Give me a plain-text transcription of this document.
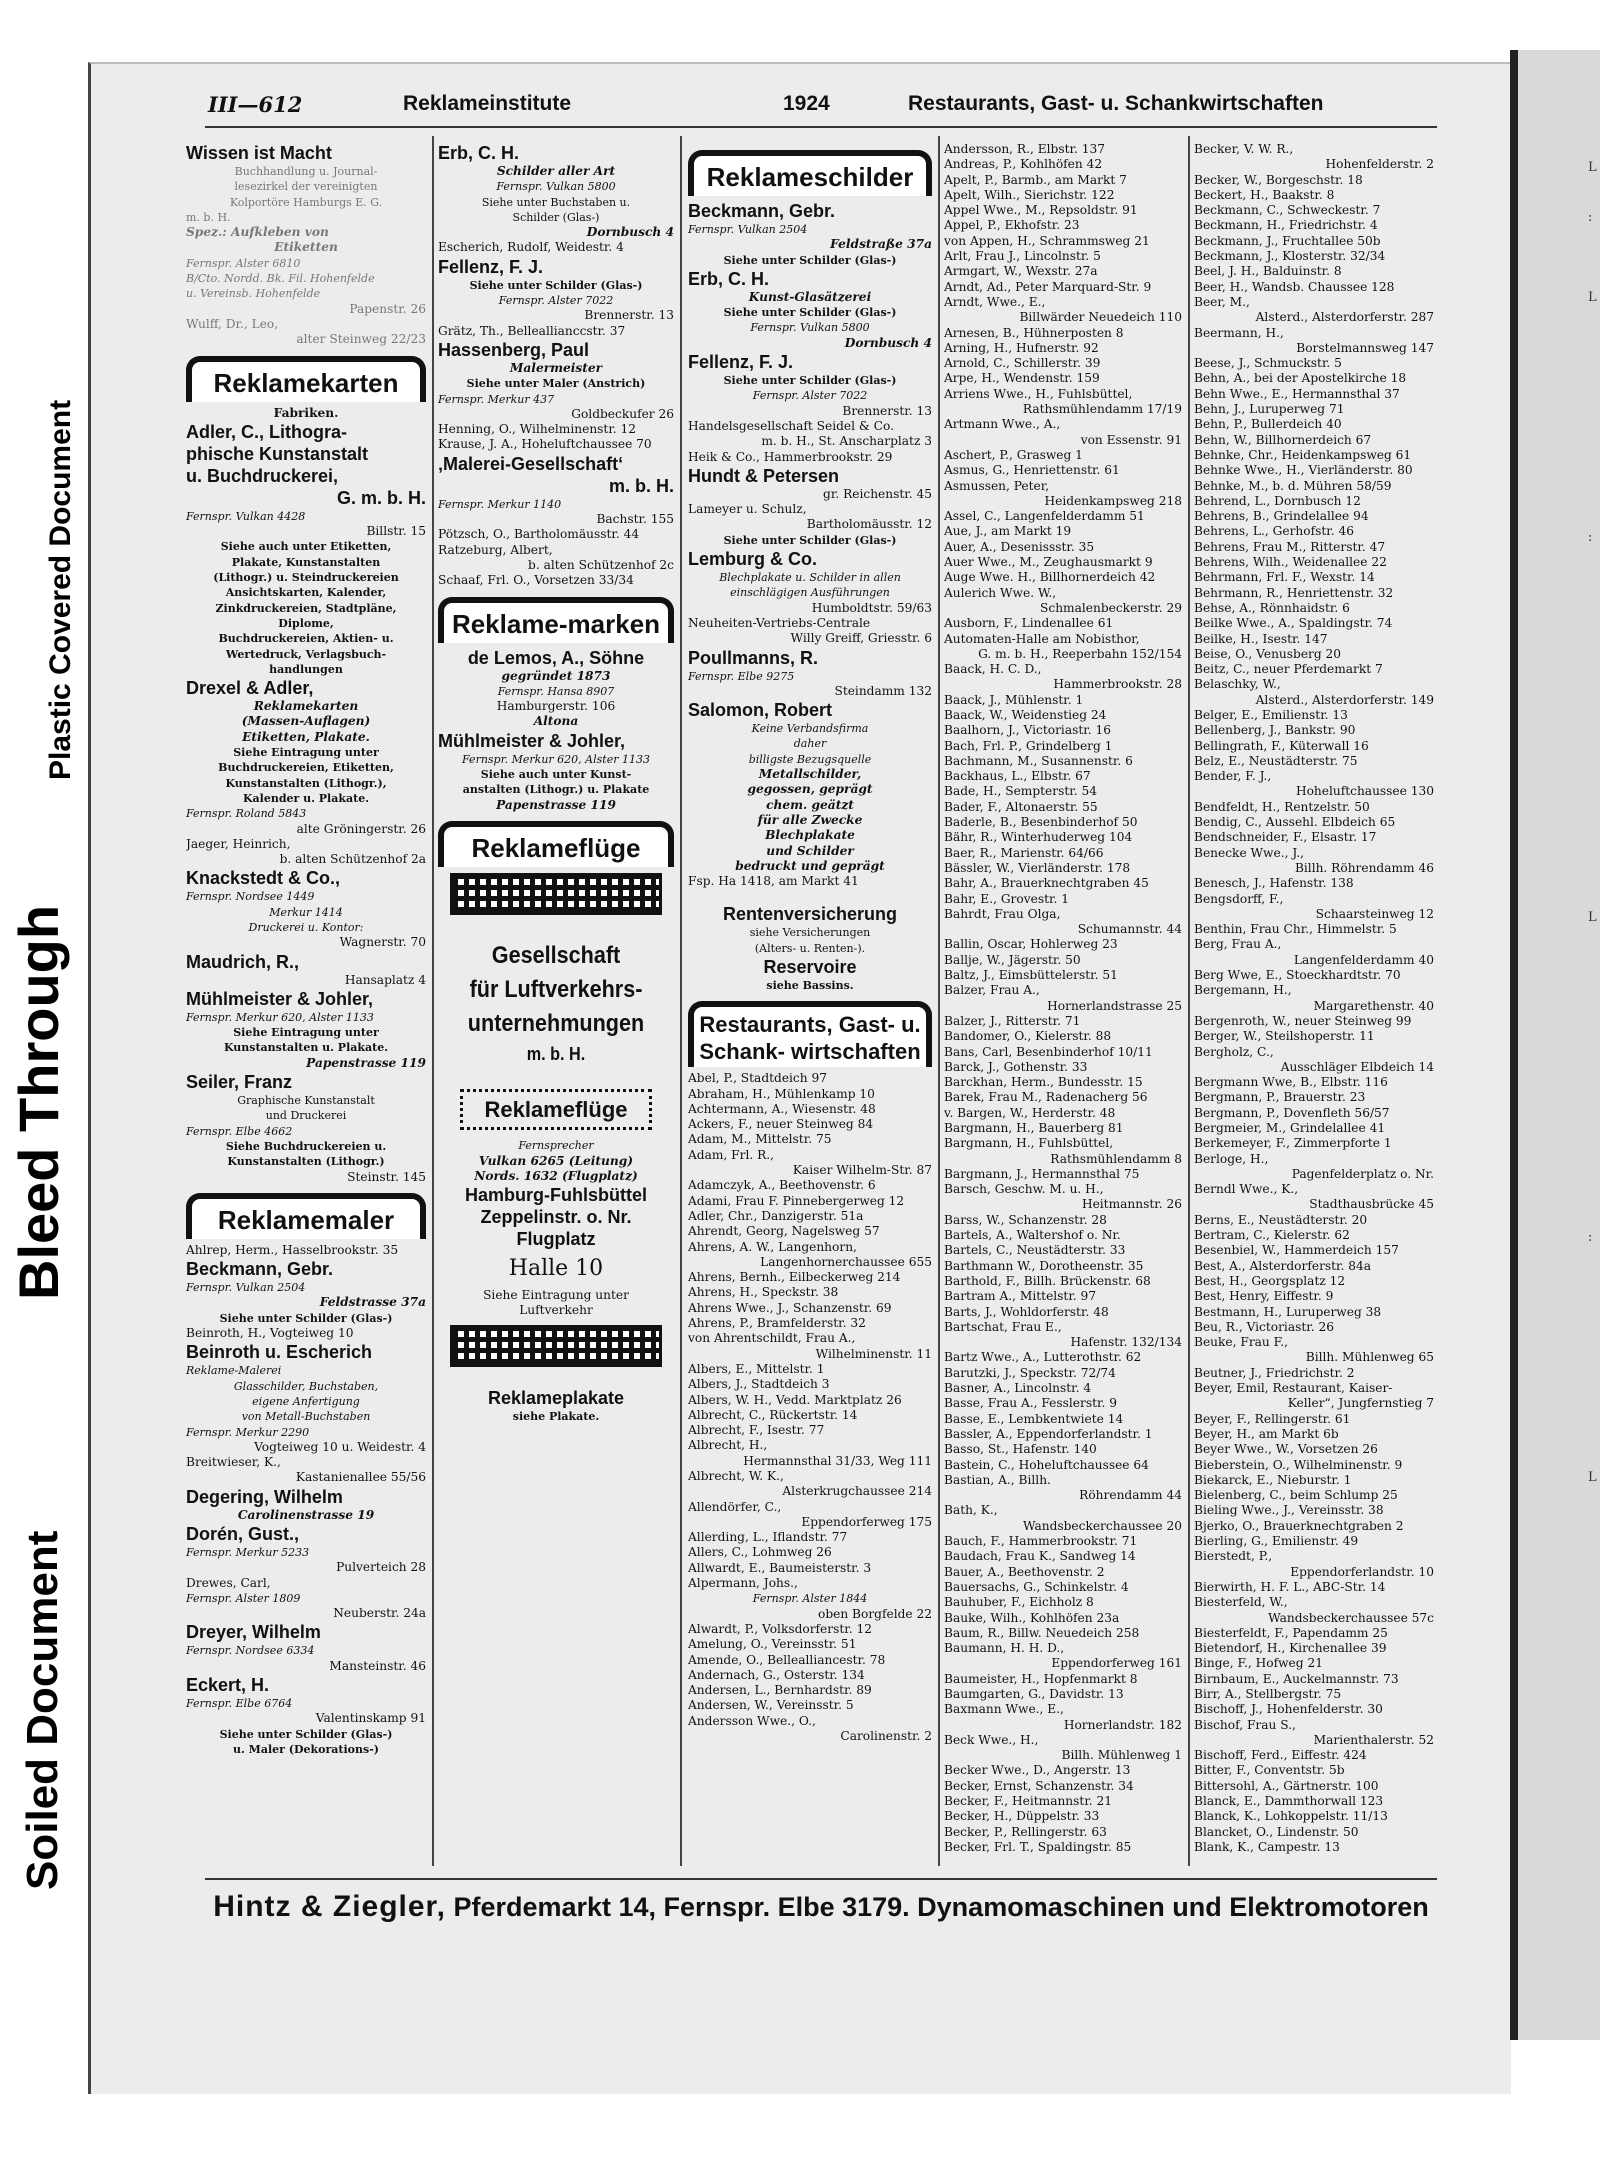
Soiled Document
Bleed Through
Plastic Covered Document
L
:
L
:
L
:
L
III—612	Reklameinstitute	1924	Restaurants, Gast- u. Schankwirtschaften
Wissen ist Macht
Buchhandlung u. Journal-
lesezirkel der vereinigten
Kolportöre Hamburgs E. G.
m. b. H.
Spez.: Aufkleben von
Etiketten
Fernspr. Alster 6810
B/Cto. Nordd. Bk. Fil. Hohenfelde
u. Vereinsb. Hohenfelde
Papenstr. 26
Wulff, Dr., Leo,
alter Steinweg 22/23
Reklamekarten
Fabriken.
Adler, C., Lithogra-
phische Kunstanstalt
u. Buchdruckerei,
G. m. b. H.
Fernspr. Vulkan 4428
Billstr. 15
Siehe auch unter Etiketten,
Plakate, Kunstanstalten
(Lithogr.) u. Steindruckereien
Ansichtskarten, Kalender,
Zinkdruckereien, Stadtpläne,
Diplome,
Buchdruckereien, Aktien- u.
Wertedruck, Verlagsbuch-
handlungen
Drexel & Adler,
Reklamekarten
(Massen-Auflagen)
Etiketten, Plakate.
Siehe Eintragung unter
Buchdruckereien, Etiketten,
Kunstanstalten (Lithogr.),
Kalender u. Plakate.
Fernspr. Roland 5843
alte Gröningerstr. 26
Jaeger, Heinrich,
b. alten Schützenhof 2a
Knackstedt & Co.,
Fernspr. Nordsee 1449
Merkur 1414
Druckerei u. Kontor:
Wagnerstr. 70
Maudrich, R.,
Hansaplatz 4
Mühlmeister & Johler,
Fernspr. Merkur 620, Alster 1133
Siehe Eintragung unter
Kunstanstalten u. Plakate.
Papenstrasse 119
Seiler, Franz
Graphische Kunstanstalt
und Druckerei
Fernspr. Elbe 4662
Siehe Buchdruckereien u.
Kunstanstalten (Lithogr.)
Steinstr. 145
Reklamemaler
Ahlrep, Herm., Hasselbrookstr. 35
Beckmann, Gebr.
Fernspr. Vulkan 2504
Feldstrasse 37a
Siehe unter Schilder (Glas-)
Beinroth, H., Vogteiweg 10
Beinroth u. Escherich
Reklame-Malerei
Glasschilder, Buchstaben,
eigene Anfertigung
von Metall-Buchstaben
Fernspr. Merkur 2290
Vogteiweg 10 u. Weidestr. 4
Breitwieser, K.,
Kastanienallee 55/56
Degering, Wilhelm
Carolinenstrasse 19
Dorén, Gust.,
Fernspr. Merkur 5233
Pulverteich 28
Drewes, Carl,
Fernspr. Alster 1809
Neuberstr. 24a
Dreyer, Wilhelm
Fernspr. Nordsee 6334
Mansteinstr. 46
Eckert, H.
Fernspr. Elbe 6764
Valentinskamp 91
Siehe unter Schilder (Glas-)
u. Maler (Dekorations-)
Erb, C. H.
Schilder aller Art
Fernspr. Vulkan 5800
Siehe unter Buchstaben u.
Schilder (Glas-)
Dornbusch 4
Escherich, Rudolf, Weidestr. 4
Fellenz, F. J.
Siehe unter Schilder (Glas-)
Fernspr. Alster 7022
Brennerstr. 13
Grätz, Th., Belleallianccstr. 37
Hassenberg, Paul
Malermeister
Siehe unter Maler (Anstrich)
Fernspr. Merkur 437
Goldbeckufer 26
Henning, O., Wilhelminenstr. 12
Krause, J. A., Hoheluftchaussee 70
‚Malerei-Gesellschaft‘
m. b. H.
Fernspr. Merkur 1140
Bachstr. 155
Pötzsch, O., Bartholomäusstr. 44
Ratzeburg, Albert,
b. alten Schützenhof 2c
Schaaf, Frl. O., Vorsetzen 33/34
Reklame-marken
de Lemos, A., Söhne
gegründet 1873
Fernspr. Hansa 8907
Hamburgerstr. 106
Altona
Mühlmeister & Johler,
Fernspr. Merkur 620, Alster 1133
Siehe auch unter Kunst-
anstalten (Lithogr.) u. Plakate
Papenstrasse 119
Reklameflüge
Gesellschaft
für Luftverkehrs-
unternehmungen
m. b. H.
Reklameflüge
Fernsprecher
Vulkan 6265 (Leitung)
Nords. 1632 (Flugplatz)
Hamburg-Fuhlsbüttel
Zeppelinstr. o. Nr.
Flugplatz
Halle 10
Siehe Eintragung unter
Luftverkehr
Reklameplakate
siehe Plakate.
Reklameschilder
Beckmann, Gebr.
Fernspr. Vulkan 2504
Feldstraße 37a
Siehe unter Schilder (Glas-)
Erb, C. H.
Kunst-Glasätzerei
Siehe unter Schilder (Glas-)
Fernspr. Vulkan 5800
Dornbusch 4
Fellenz, F. J.
Siehe unter Schilder (Glas-)
Fernspr. Alster 7022
Brennerstr. 13
Handelsgesellschaft Seidel & Co.
m. b. H., St. Anscharplatz 3
Heik & Co., Hammerbrookstr. 29
Hundt & Petersen
gr. Reichenstr. 45
Lameyer u. Schulz,
Bartholomäusstr. 12
Siehe unter Schilder (Glas-)
Lemburg & Co.
Blechplakate u. Schilder in allen
einschlägigen Ausführungen
Humboldtstr. 59/63
Neuheiten-Vertriebs-Centrale
Willy Greiff, Griesstr. 6
Poullmanns, R.
Fernspr. Elbe 9275
Steindamm 132
Salomon, Robert
Keine Verbandsfirma
daher
billigste Bezugsquelle
Metallschilder,
gegossen, geprägt
chem. geätzt
für alle Zwecke
Blechplakate
und Schilder
bedruckt und geprägt
Fsp. Ha 1418, am Markt 41
Rentenversicherung
siehe Versicherungen
(Alters- u. Renten-).
Reservoire
siehe Bassins.
Restaurants, Gast- u. Schank- wirtschaften
Abel, P., Stadtdeich 97
Abraham, H., Mühlenkamp 10
Achtermann, A., Wiesenstr. 48
Ackers, F., neuer Steinweg 84
Adam, M., Mittelstr. 75
Adam, Frl. R.,
Kaiser Wilhelm-Str. 87
Adamczyk, A., Beethovenstr. 6
Adami, Frau F. Pinnebergerweg 12
Adler, Chr., Danzigerstr. 51a
Ahrendt, Georg, Nagelsweg 57
Ahrens, A. W., Langenhorn,
Langenhornerchaussee 655
Ahrens, Bernh., Eilbeckerweg 214
Ahrens, H., Speckstr. 38
Ahrens Wwe., J., Schanzenstr. 69
Ahrens, P., Bramfelderstr. 32
von Ahrentschildt, Frau A.,
Wilhelminenstr. 11
Albers, E., Mittelstr. 1
Albers, J., Stadtdeich 3
Albers, W. H., Vedd. Marktplatz 26
Albrecht, C., Rückertstr. 14
Albrecht, F., Isestr. 77
Albrecht, H.,
Hermannsthal 31/33, Weg 111
Albrecht, W. K.,
Alsterkrugchaussee 214
Allendörfer, C.,
Eppendorferweg 175
Allerding, L., Iflandstr. 77
Allers, C., Lohmweg 26
Allwardt, E., Baumeisterstr. 3
Alpermann, Johs.,
Fernspr. Alster 1844
oben Borgfelde 22
Alwardt, P., Volksdorferstr. 12
Amelung, O., Vereinsstr. 51
Amende, O., Bellealliancestr. 78
Andernach, G., Osterstr. 134
Andersen, L., Bernhardstr. 89
Andersen, W., Vereinsstr. 5
Andersson Wwe., O.,
Carolinenstr. 2
Andersson, R., Elbstr. 137
Andreas, P., Kohlhöfen 42
Apelt, P., Barmb., am Markt 7
Apelt, Wilh., Sierichstr. 122
Appel Wwe., M., Repsoldstr. 91
Appel, P., Ekhofstr. 23
von Appen, H., Schrammsweg 21
Arlt, Frau J., Lincolnstr. 5
Armgart, W., Wexstr. 27a
Arndt, Ad., Peter Marquard-Str. 9
Arndt, Wwe., E.,
Billwärder Neuedeich 110
Arnesen, B., Hühnerposten 8
Arning, H., Hufnerstr. 92
Arnold, C., Schillerstr. 39
Arpe, H., Wendenstr. 159
Arriens Wwe., H., Fuhlsbüttel,
Rathsmühlendamm 17/19
Artmann Wwe., A.,
von Essenstr. 91
Aschert, P., Grasweg 1
Asmus, G., Henriettenstr. 61
Asmussen, Peter,
Heidenkampsweg 218
Assel, C., Langenfelderdamm 51
Aue, J., am Markt 19
Auer, A., Desenissstr. 35
Auer Wwe., M., Zeughausmarkt 9
Auge Wwe. H., Billhornerdeich 42
Aulerich Wwe. W.,
Schmalenbeckerstr. 29
Ausborn, F., Lindenallee 61
Automaten-Halle am Nobisthor,
G. m. b. H., Reeperbahn 152/154
Baack, H. C. D.,
Hammerbrookstr. 28
Baack, J., Mühlenstr. 1
Baack, W., Weidenstieg 24
Baalhorn, J., Victoriastr. 16
Bach, Frl. P., Grindelberg 1
Bachmann, M., Susannenstr. 6
Backhaus, L., Elbstr. 67
Bade, H., Sempterstr. 54
Bader, F., Altonaerstr. 55
Baderle, B., Besenbinderhof 50
Bähr, R., Winterhuderweg 104
Baer, R., Marienstr. 64/66
Bässler, W., Vierländerstr. 178
Bahr, A., Brauerknechtgraben 45
Bahr, E., Grovestr. 1
Bahrdt, Frau Olga,
Schumannstr. 44
Ballin, Oscar, Hohlerweg 23
Ballje, W., Jägerstr. 50
Baltz, J., Eimsbüttelerstr. 51
Balzer, Frau A.,
Hornerlandstrasse 25
Balzer, J., Ritterstr. 71
Bandomer, O., Kielerstr. 88
Bans, Carl, Besenbinderhof 10/11
Barck, J., Gothenstr. 33
Barckhan, Herm., Bundesstr. 15
Barek, Frau M., Radenacherg 56
v. Bargen, W., Herderstr. 48
Bargmann, H., Bauerberg 81
Bargmann, H., Fuhlsbüttel,
Rathsmühlendamm 8
Bargmann, J., Hermannsthal 75
Barsch, Geschw. M. u. H.,
Heitmannstr. 26
Barss, W., Schanzenstr. 28
Bartels, A., Waltershof o. Nr.
Bartels, C., Neustädterstr. 33
Barthmann W., Dorotheenstr. 35
Barthold, F., Billh. Brückenstr. 68
Bartram A., Mittelstr. 97
Barts, J., Wohldorferstr. 48
Bartschat, Frau E.,
Hafenstr. 132/134
Bartz Wwe., A., Lutterothstr. 62
Barutzki, J., Speckstr. 72/74
Basner, A., Lincolnstr. 4
Basse, Frau A., Fesslerstr. 9
Basse, E., Lembkentwiete 14
Bassler, A., Eppendorferlandstr. 1
Basso, St., Hafenstr. 140
Bastein, C., Hoheluftchaussee 64
Bastian, A., Billh.
Röhrendamm 44
Bath, K.,
Wandsbeckerchaussee 20
Bauch, F., Hammerbrookstr. 71
Baudach, Frau K., Sandweg 14
Bauer, A., Beethovenstr. 2
Bauersachs, G., Schinkelstr. 4
Bauhuber, F., Eichholz 8
Bauke, Wilh., Kohlhöfen 23a
Baum, R., Billw. Neuedeich 258
Baumann, H. H. D.,
Eppendorferweg 161
Baumeister, H., Hopfenmarkt 8
Baumgarten, G., Davidstr. 13
Baxmann Wwe., E.,
Hornerlandstr. 182
Beck Wwe., H.,
Billh. Mühlenweg 1
Becker Wwe., D., Angerstr. 13
Becker, Ernst, Schanzenstr. 34
Becker, F., Heitmannstr. 21
Becker, H., Düppelstr. 33
Becker, P., Rellingerstr. 63
Becker, Frl. T., Spaldingstr. 85
Becker, V. W. R.,
Hohenfelderstr. 2
Becker, W., Borgeschstr. 18
Beckert, H., Baakstr. 8
Beckmann, C., Schweckestr. 7
Beckmann, H., Friedrichstr. 4
Beckmann, J., Fruchtallee 50b
Beckmann, J., Klosterstr. 32/34
Beel, J. H., Balduinstr. 8
Beer, H., Wandsb. Chaussee 128
Beer, M.,
Alsterd., Alsterdorferstr. 287
Beermann, H.,
Borstelmannsweg 147
Beese, J., Schmuckstr. 5
Behn, A., bei der Apostelkirche 18
Behn Wwe., E., Hermannsthal 37
Behn, J., Luruperweg 71
Behn, P., Bullerdeich 40
Behn, W., Billhornerdeich 67
Behnke, Chr., Heidenkampsweg 61
Behnke Wwe., H., Vierländerstr. 80
Behnke, M., b. d. Mühren 58/59
Behrend, L., Dornbusch 12
Behrens, B., Grindelallee 94
Behrens, L., Gerhofstr. 46
Behrens, Frau M., Ritterstr. 47
Behrens, Wilh., Weidenallee 22
Behrmann, Frl. F., Wexstr. 14
Behrmann, R., Henriettenstr. 32
Behse, A., Rönnhaidstr. 6
Beilke Wwe., A., Spaldingstr. 74
Beilke, H., Isestr. 147
Beise, O., Venusberg 20
Beitz, C., neuer Pferdemarkt 7
Belaschky, W.,
Alsterd., Alsterdorferstr. 149
Belger, E., Emilienstr. 13
Bellenberg, J., Bankstr. 90
Bellingrath, F., Küterwall 16
Belz, E., Neustädterstr. 75
Bender, F. J.,
Hoheluftchaussee 130
Bendfeldt, H., Rentzelstr. 50
Bendig, C., Aussehl. Elbdeich 65
Bendschneider, F., Elsastr. 17
Benecke Wwe., J.,
Billh. Röhrendamm 46
Benesch, J., Hafenstr. 138
Bengsdorff, F.,
Schaarsteinweg 12
Benthin, Frau Chr., Himmelstr. 5
Berg, Frau A.,
Langenfelderdamm 40
Berg Wwe, E., Stoeckhardtstr. 70
Bergemann, H.,
Margarethenstr. 40
Bergenroth, W., neuer Steinweg 99
Berger, W., Steilshoperstr. 11
Bergholz, C.,
Ausschläger Elbdeich 14
Bergmann Wwe, B., Elbstr. 116
Bergmann, P., Brauerstr. 23
Bergmann, P., Dovenfleth 56/57
Bergmeier, M., Grindelallee 41
Berkemeyer, F., Zimmerpforte 1
Berloge, H.,
Pagenfelderplatz o. Nr.
Berndl Wwe., K.,
Stadthausbrücke 45
Berns, E., Neustädterstr. 20
Bertram, C., Kielerstr. 62
Besenbiel, W., Hammerdeich 157
Best, A., Alsterdorferstr. 84a
Best, H., Georgsplatz 12
Best, Henry, Eiffestr. 9
Bestmann, H., Luruperweg 38
Beu, R., Victoriastr. 26
Beuke, Frau F.,
Billh. Mühlenweg 65
Beutner, J., Friedrichstr. 2
Beyer, Emil, Restaurant, Kaiser-
Keller“, Jungfernstieg 7
Beyer, F., Rellingerstr. 61
Beyer, H., am Markt 6b
Beyer Wwe., W., Vorsetzen 26
Bieberstein, O., Wilhelminenstr. 9
Biekarck, E., Nieburstr. 1
Bielenberg, C., beim Schlump 25
Bieling Wwe., J., Vereinsstr. 38
Bjerko, O., Brauerknechtgraben 2
Bierling, G., Emilienstr. 49
Bierstedt, P.,
Eppendorferlandstr. 10
Bierwirth, H. F. L., ABC-Str. 14
Biesterfeld, W.,
Wandsbeckerchaussee 57c
Biesterfeldt, F., Papendamm 25
Bietendorf, H., Kirchenallee 39
Binge, F., Hofweg 21
Birnbaum, E., Auckelmannstr. 73
Birr, A., Stellbergstr. 75
Bischoff, J., Hohenfelderstr. 30
Bischof, Frau S.,
Marienthalerstr. 52
Bischoff, Ferd., Eiffestr. 424
Bitter, F., Conventstr. 5b
Bittersohl, A., Gärtnerstr. 100
Blanck, E., Dammthorwall 123
Blanck, K., Lohkoppelstr. 11/13
Blancket, O., Lindenstr. 50
Blank, K., Campestr. 13
Hintz & Ziegler, Pferdemarkt 14, Fernspr. Elbe 3179. Dynamomaschinen und Elektromotoren
